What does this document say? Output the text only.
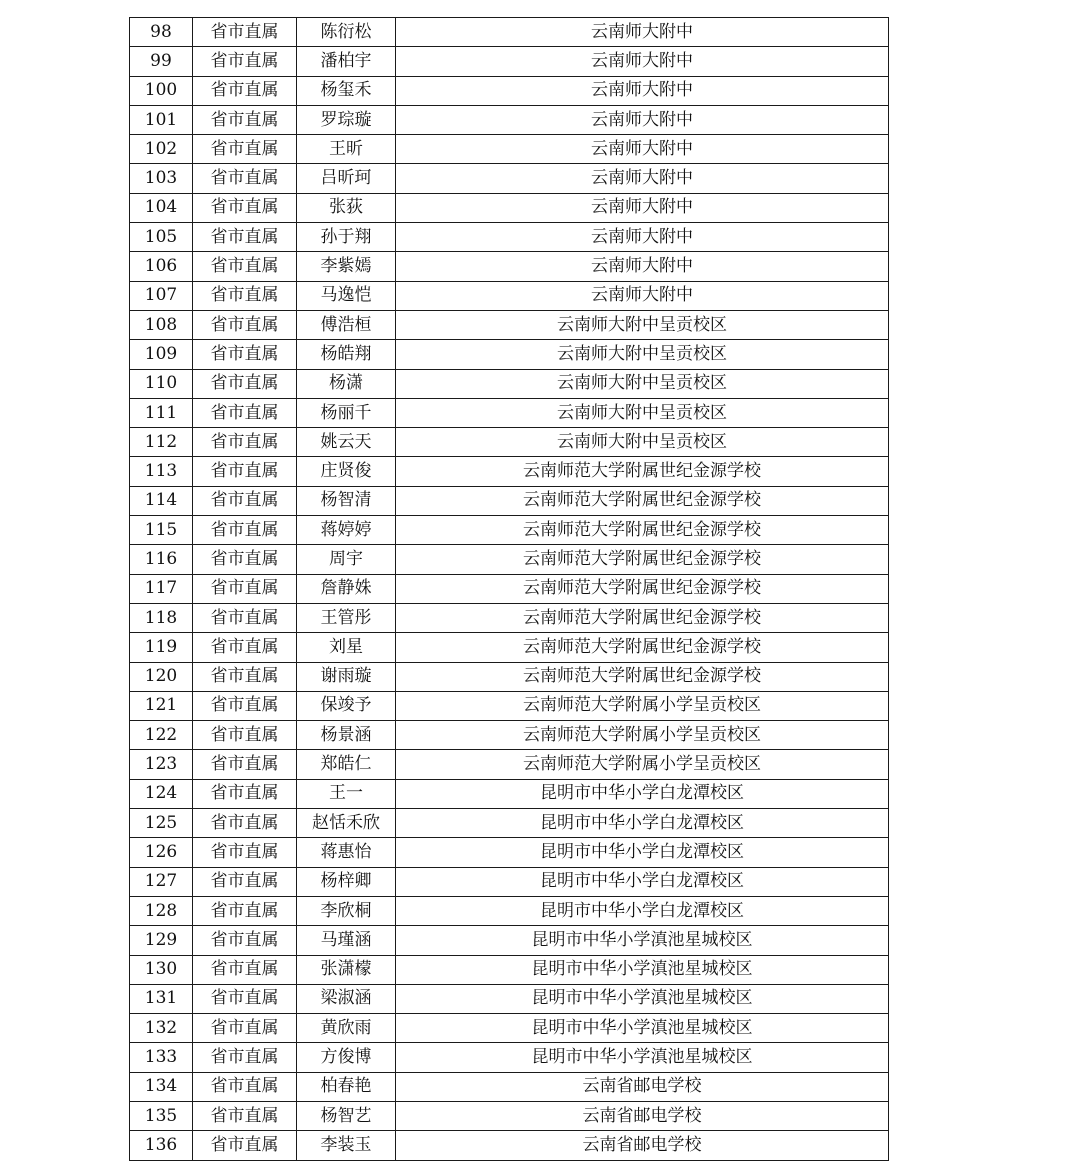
98	省市直属	陈衍松	云南师大附中
99	省市直属	潘柏宇	云南师大附中
100	省市直属	杨玺禾	云南师大附中
101	省市直属	罗琮璇	云南师大附中
102	省市直属	王昕	云南师大附中
103	省市直属	吕昕珂	云南师大附中
104	省市直属	张荻	云南师大附中
105	省市直属	孙于翔	云南师大附中
106	省市直属	李紫嫣	云南师大附中
107	省市直属	马逸恺	云南师大附中
108	省市直属	傅浩桓	云南师大附中呈贡校区
109	省市直属	杨皓翔	云南师大附中呈贡校区
110	省市直属	杨潇	云南师大附中呈贡校区
111	省市直属	杨丽千	云南师大附中呈贡校区
112	省市直属	姚云天	云南师大附中呈贡校区
113	省市直属	庄贤俊	云南师范大学附属世纪金源学校
114	省市直属	杨智清	云南师范大学附属世纪金源学校
115	省市直属	蒋婷婷	云南师范大学附属世纪金源学校
116	省市直属	周宇	云南师范大学附属世纪金源学校
117	省市直属	詹静姝	云南师范大学附属世纪金源学校
118	省市直属	王管彤	云南师范大学附属世纪金源学校
119	省市直属	刘星	云南师范大学附属世纪金源学校
120	省市直属	谢雨璇	云南师范大学附属世纪金源学校
121	省市直属	保竣予	云南师范大学附属小学呈贡校区
122	省市直属	杨景涵	云南师范大学附属小学呈贡校区
123	省市直属	郑皓仁	云南师范大学附属小学呈贡校区
124	省市直属	王一	昆明市中华小学白龙潭校区
125	省市直属	赵恬禾欣	昆明市中华小学白龙潭校区
126	省市直属	蒋惠怡	昆明市中华小学白龙潭校区
127	省市直属	杨梓卿	昆明市中华小学白龙潭校区
128	省市直属	李欣桐	昆明市中华小学白龙潭校区
129	省市直属	马瑾涵	昆明市中华小学滇池星城校区
130	省市直属	张潇檬	昆明市中华小学滇池星城校区
131	省市直属	梁淑涵	昆明市中华小学滇池星城校区
132	省市直属	黄欣雨	昆明市中华小学滇池星城校区
133	省市直属	方俊博	昆明市中华小学滇池星城校区
134	省市直属	柏春艳	云南省邮电学校
135	省市直属	杨智艺	云南省邮电学校
136	省市直属	李装玉	云南省邮电学校
